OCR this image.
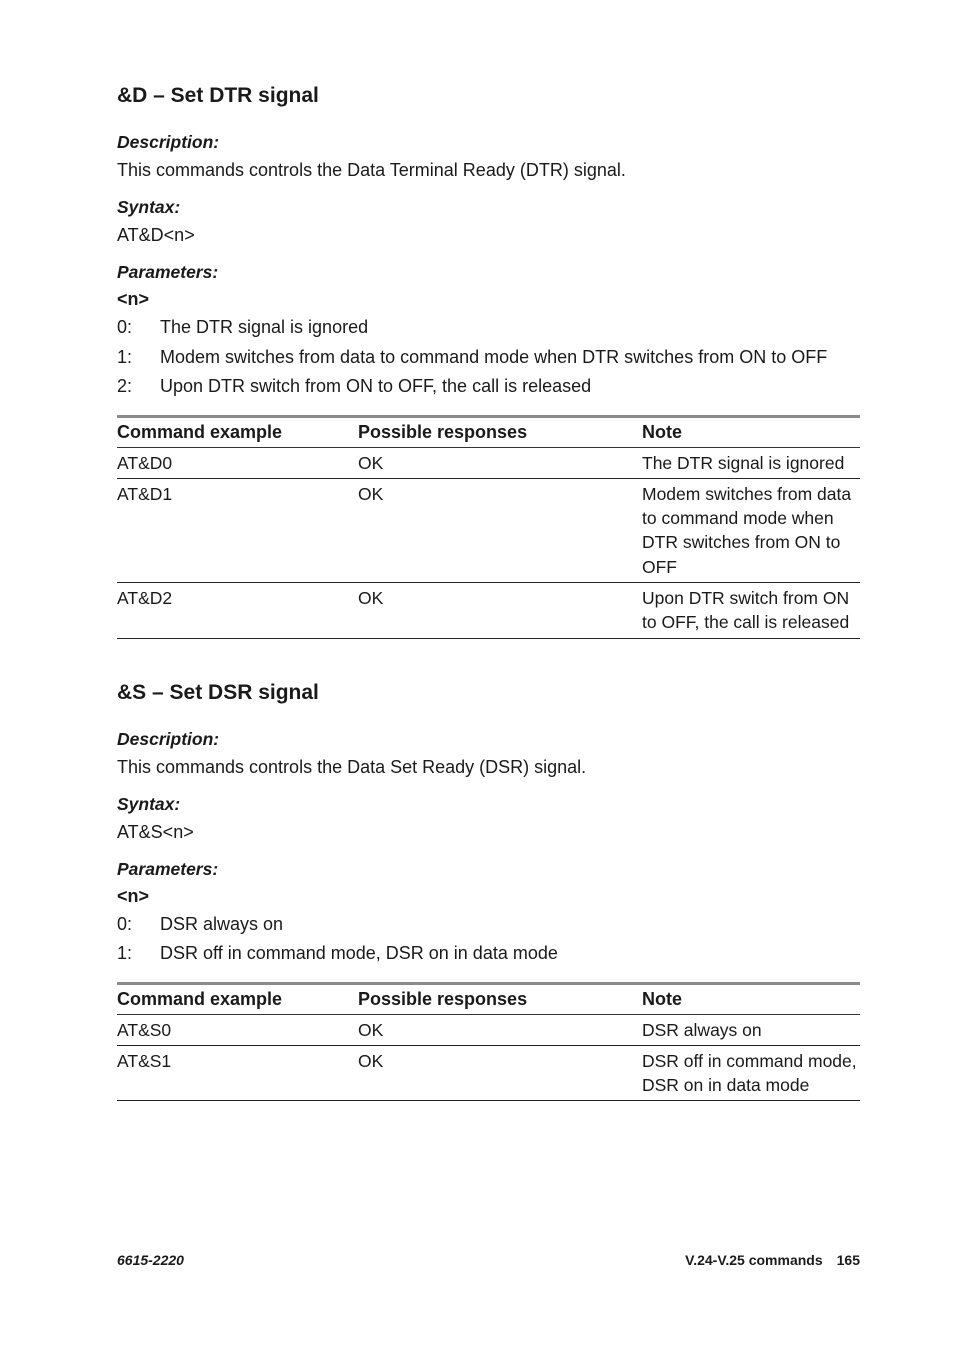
&D – Set DTR signal

Description:

This commands controls the Data Terminal Ready (DTR) signal.

Syntax:

AT&D<n>

Parameters:

<n>

0:	The DTR signal is ignored
1:	Modem switches from data to command mode when DTR switches from ON to OFF
2:	Upon DTR switch from ON to OFF, the call is released
Command example	Possible responses	Note
AT&D0	OK	The DTR signal is ignored
AT&D1	OK	Modem switches from data to command mode when DTR switches from ON to OFF
AT&D2	OK	Upon DTR switch from ON to OFF, the call is released
&S – Set DSR signal

Description:

This commands controls the Data Set Ready (DSR) signal.

Syntax:

AT&S<n>

Parameters:

<n>

0:	DSR always on
1:	DSR off in command mode, DSR on in data mode
Command example	Possible responses	Note
AT&S0	OK	DSR always on
AT&S1	OK	DSR off in command mode, DSR on in data mode
6615-2220	V.24-V.25 commands 165
